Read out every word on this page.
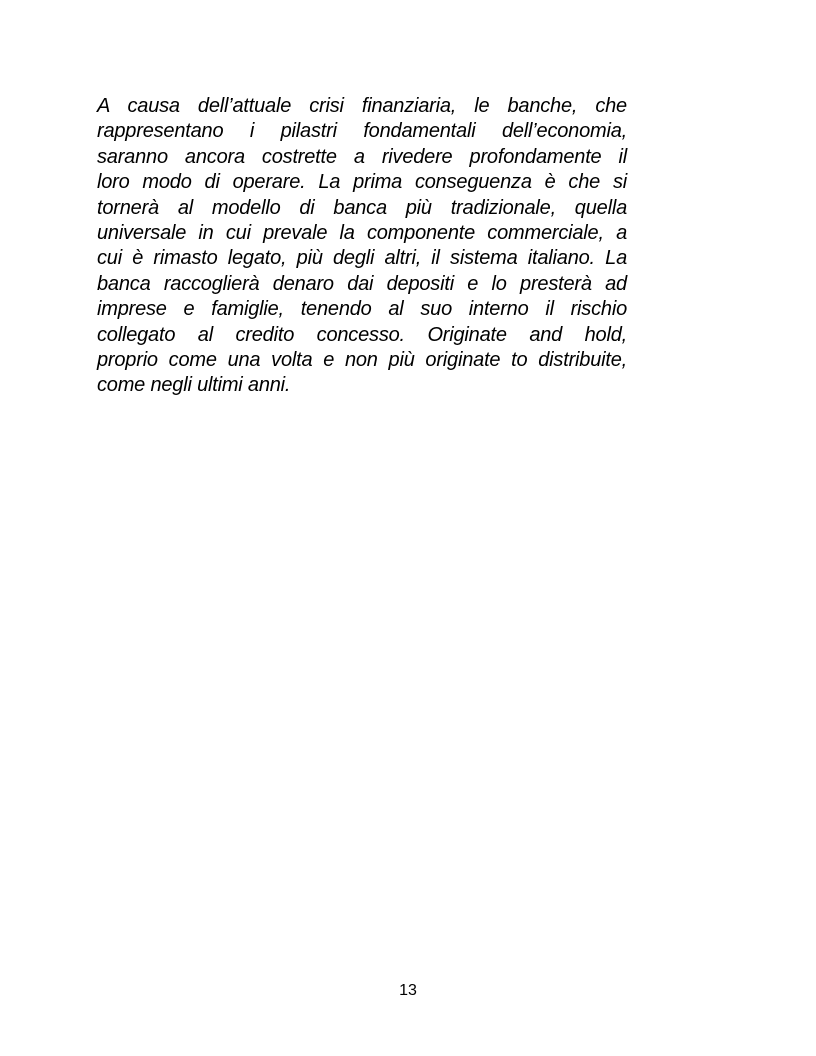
A causa dell’attuale crisi finanziaria, le banche, che
rappresentano i pilastri fondamentali dell’economia,
saranno ancora costrette a rivedere profondamente il
loro modo di operare. La prima conseguenza è che si
tornerà al modello di banca più tradizionale, quella
universale in cui prevale la componente commerciale, a
cui è rimasto legato, più degli altri, il sistema italiano. La
banca raccoglierà denaro dai depositi e lo presterà ad
imprese e famiglie, tenendo al suo interno il rischio
collegato al credito concesso. Originate and hold,
proprio come una volta e non più originate to distribuite,
come negli ultimi anni.
13
